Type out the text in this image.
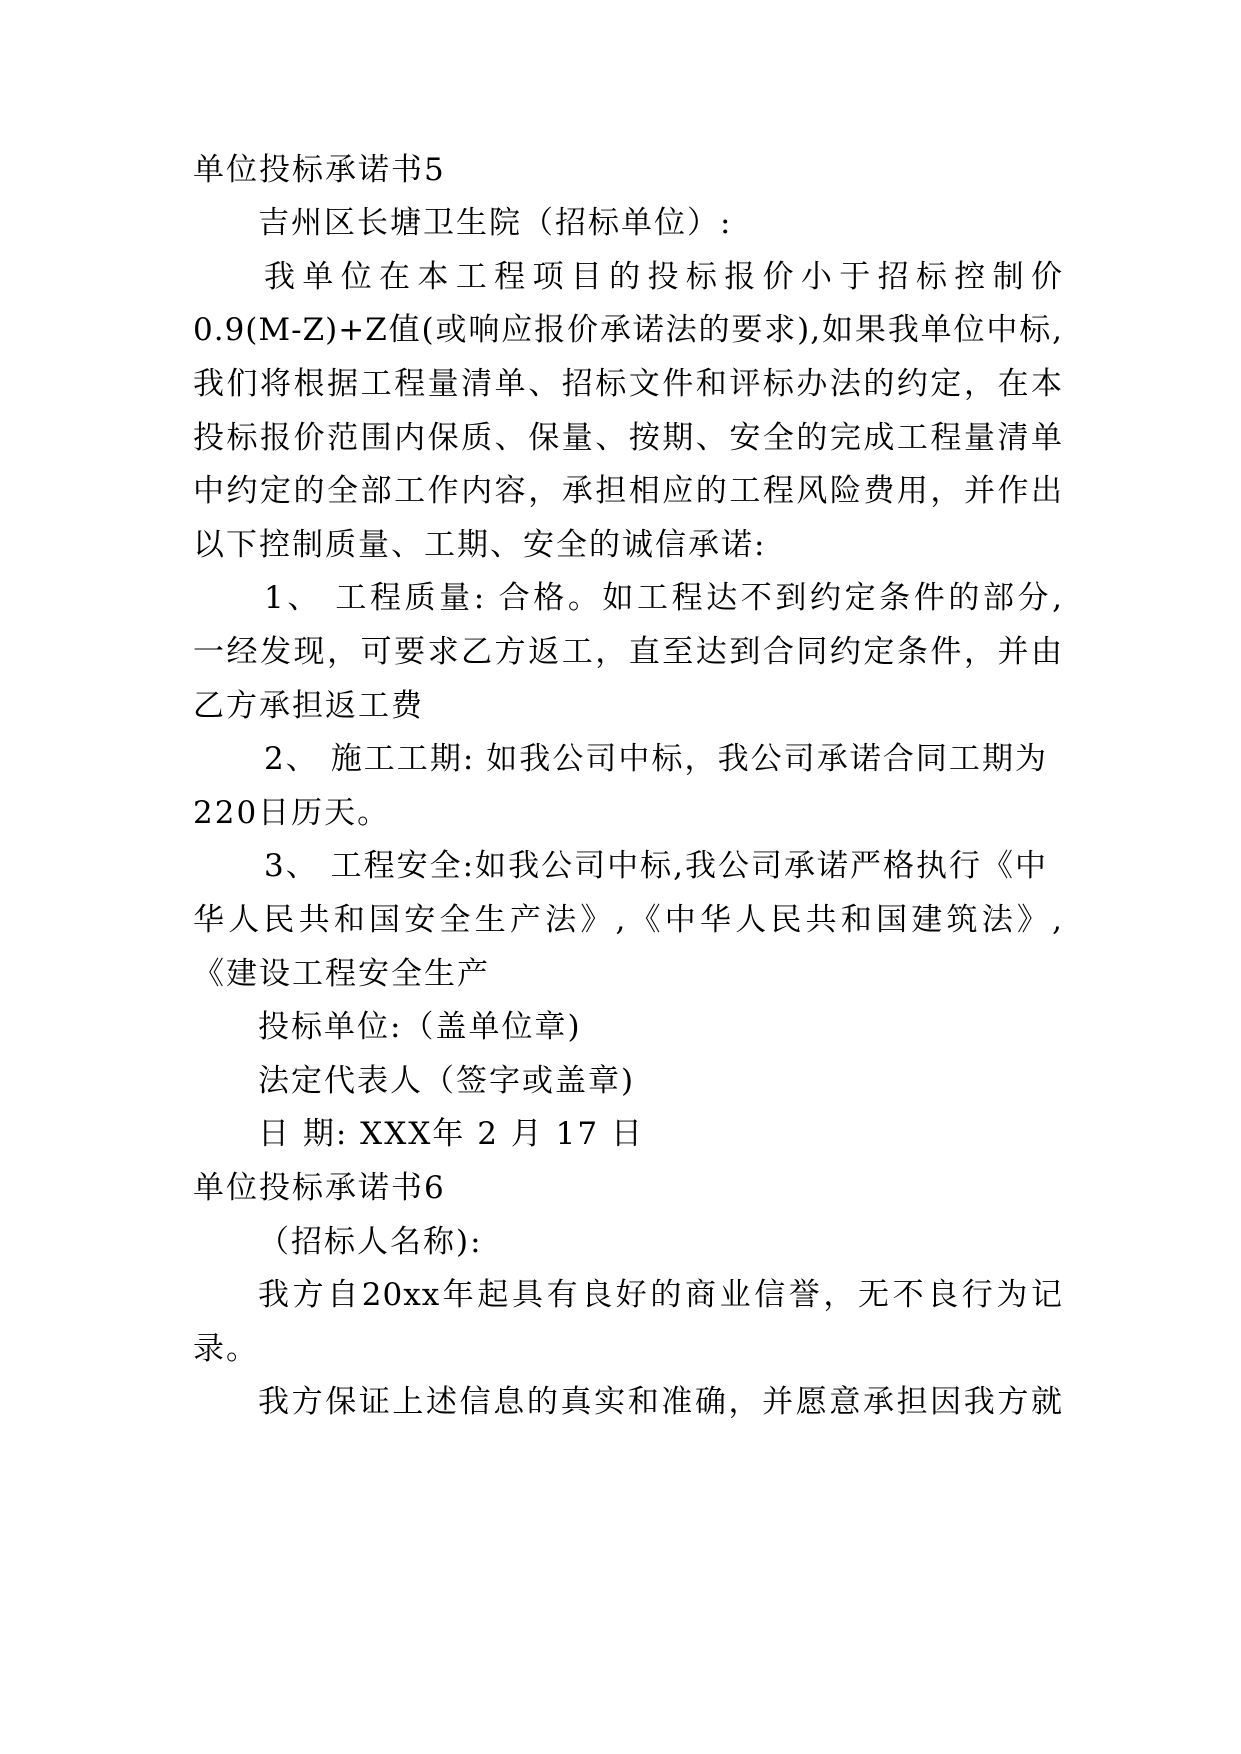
单位投标承诺书5
吉州区长塘卫生院（招标单位）:
我单位在本工程项目的投标报价小于招标控制价
0.9(M-Z)+Z值(或响应报价承诺法的要求),如果我单位中标,
我们将根据工程量清单、招标文件和评标办法的约定，在本
投标报价范围内保质、保量、按期、安全的完成工程量清单
中约定的全部工作内容，承担相应的工程风险费用，并作出
以下控制质量、工期、安全的诚信承诺:
1、 工程质量: 合格。如工程达不到约定条件的部分,
一经发现，可要求乙方返工，直至达到合同约定条件，并由
乙方承担返工费
2、 施工工期: 如我公司中标，我公司承诺合同工期为
220日历天。
3、 工程安全:如我公司中标,我公司承诺严格执行《中
华人民共和国安全生产法》,《中华人民共和国建筑法》,
《建设工程安全生产
投标单位:（盖单位章)
法定代表人（签字或盖章)
日 期: XXX年 2 月 17 日
单位投标承诺书6
（招标人名称):
我方自20xx年起具有良好的商业信誉，无不良行为记
录。
我方保证上述信息的真实和准确，并愿意承担因我方就
